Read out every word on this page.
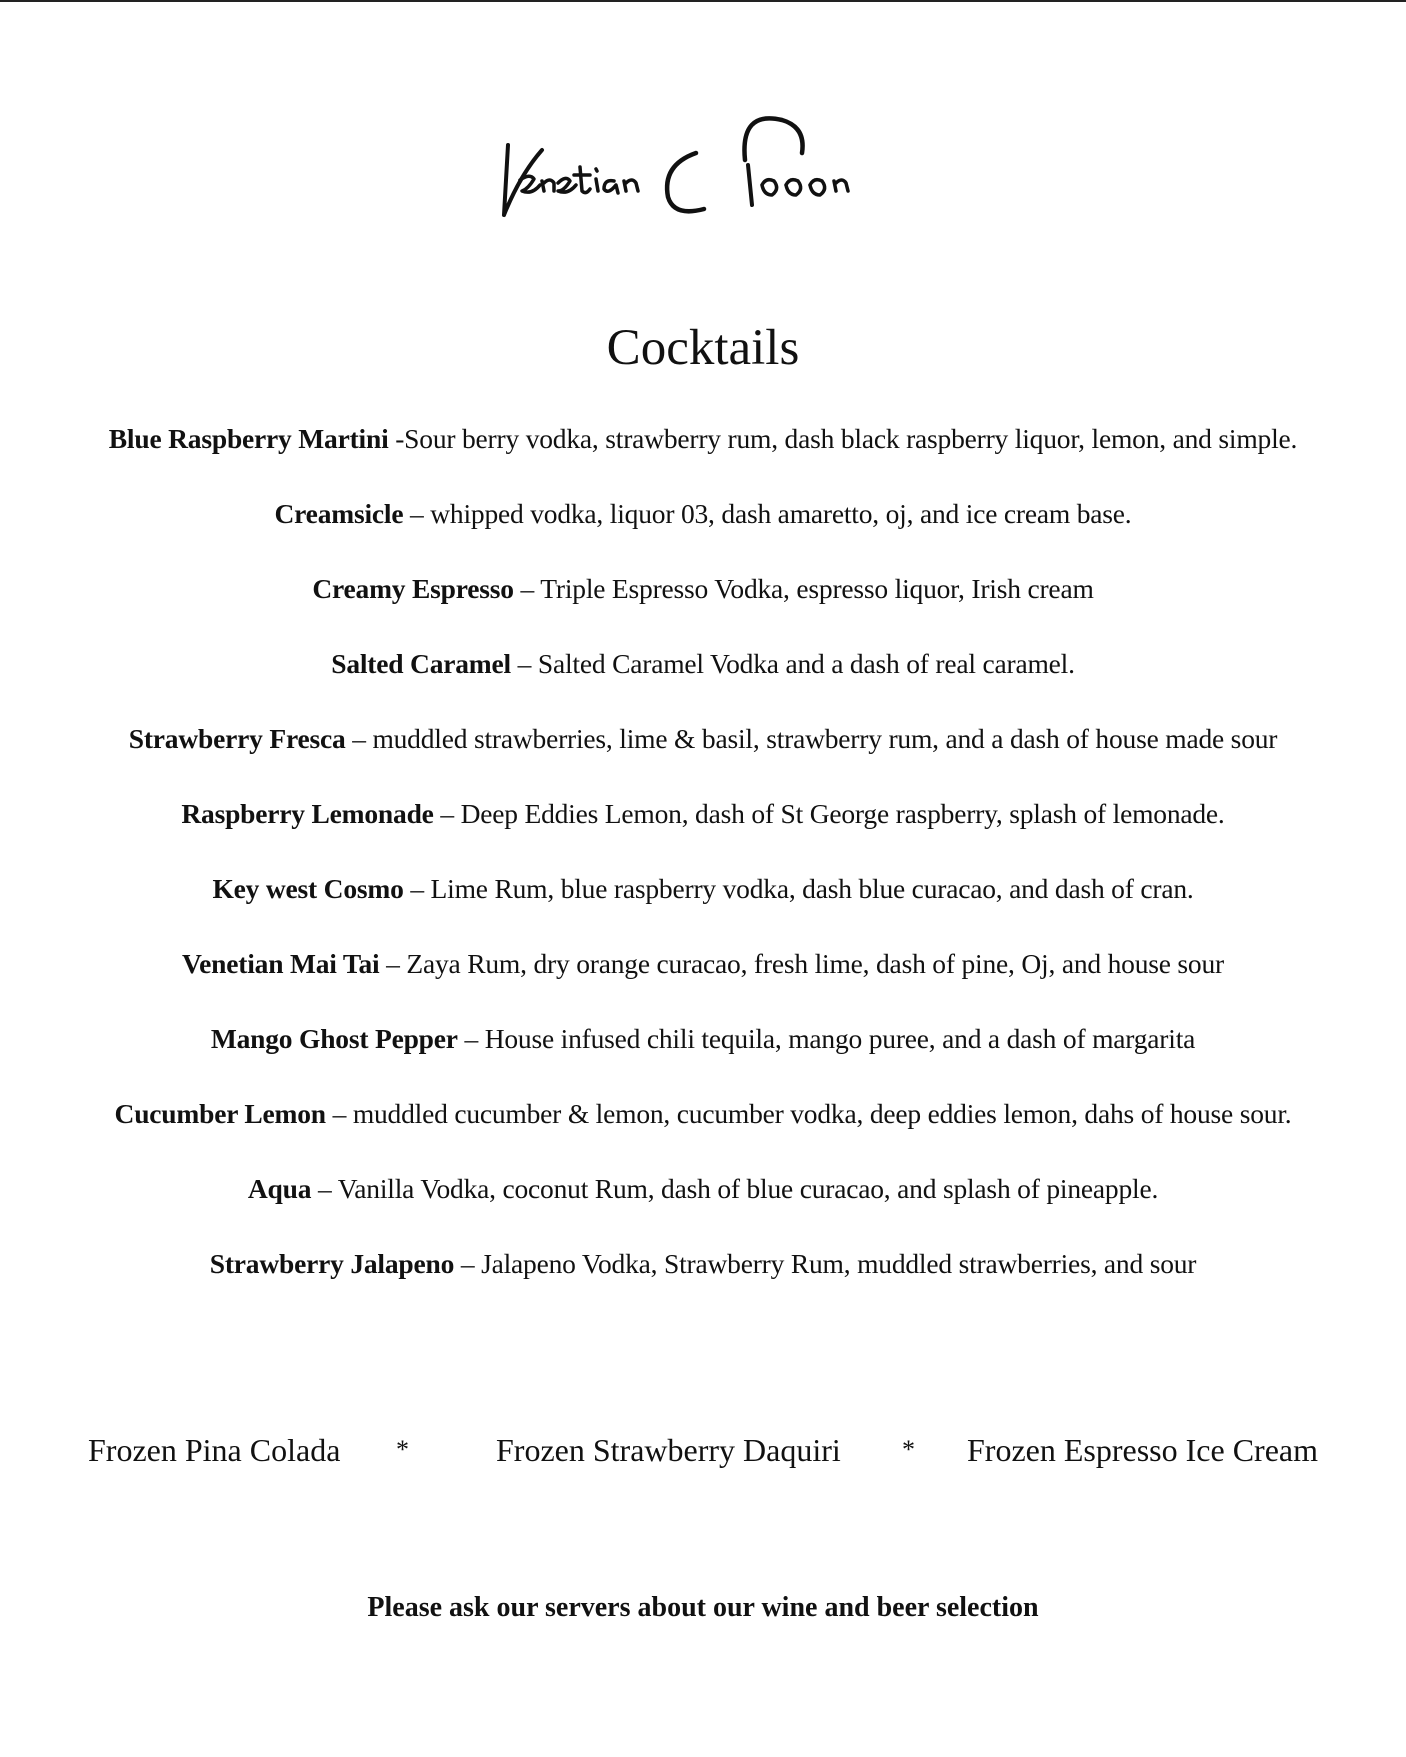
Cocktails
Blue Raspberry Martini -Sour berry vodka, strawberry rum, dash black raspberry liquor, lemon, and simple.
Creamsicle – whipped vodka, liquor 03, dash amaretto, oj, and ice cream base.
Creamy Espresso – Triple Espresso Vodka, espresso liquor, Irish cream
Salted Caramel – Salted Caramel Vodka and a dash of real caramel.
Strawberry Fresca – muddled strawberries, lime & basil, strawberry rum, and a dash of house made sour
Raspberry Lemonade – Deep Eddies Lemon, dash of St George raspberry, splash of lemonade.
Key west Cosmo – Lime Rum, blue raspberry vodka, dash blue curacao, and dash of cran.
Venetian Mai Tai – Zaya Rum, dry orange curacao, fresh lime, dash of pine, Oj, and house sour
Mango Ghost Pepper – House infused chili tequila, mango puree, and a dash of margarita
Cucumber Lemon – muddled cucumber & lemon, cucumber vodka, deep eddies lemon, dahs of house sour.
Aqua – Vanilla Vodka, coconut Rum, dash of blue curacao, and splash of pineapple.
Strawberry Jalapeno – Jalapeno Vodka, Strawberry Rum, muddled strawberries, and sour
Frozen Pina Colada *	Frozen Strawberry Daquiri * Frozen Espresso Ice Cream
Please ask our servers about our wine and beer selection
